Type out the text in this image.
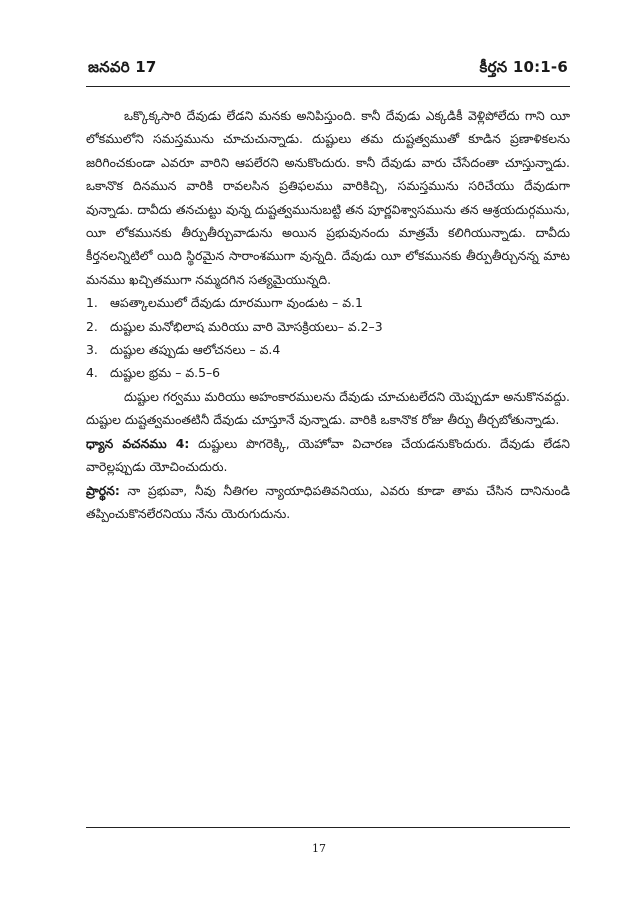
జనవరి 17	కీర్తన 10:1-6

ఒక్కొక్కసారి దేవుడు లేడని మనకు అనిపిస్తుంది. కానీ దేవుడు ఎక్కడికీ వెళ్లిపోలేదు గాని యీ లోకములోని సమస్తమును చూచుచున్నాడు. దుష్టులు తమ దుష్టత్వముతో కూడిన ప్రణాళికలను జరిగించకుండా ఎవరూ వారిని ఆపలేరని అనుకొందురు. కానీ దేవుడు వారు చేసేదంతా చూస్తున్నాడు. ఒకానొక దినమున వారికి రావలసిన ప్రతిఫలము వారికిచ్చి, సమస్తమును సరిచేయు దేవుడుగా వున్నాడు. దావీదు తనచుట్టు వున్న దుష్టత్వమునుబట్టి తన పూర్ణవిశ్వాసమును తన ఆశ్రయదుర్గమును, యీ లోకమునకు తీర్పుతీర్చువాడును అయిన ప్రభువునందు మాత్రమే కలిగియున్నాడు. దావీదు కీర్తనలన్నిటిలో యిది స్థిరమైన సారాంశముగా వున్నది. దేవుడు యీ లోకమునకు తీర్పుతీర్చునన్న మాట మనము ఖచ్చితముగా నమ్మదగిన సత్యమైయున్నది.

1. ఆపత్కాలములో దేవుడు దూరముగా వుండుట – వ.1
2. దుష్టుల మనోభిలాష మరియు వారి మోసక్రియలు– వ.2–3
3. దుష్టుల తప్పుడు ఆలోచనలు – వ.4
4. దుష్టుల భ్రమ – వ.5–6

దుష్టుల గర్వము మరియు అహంకారములను దేవుడు చూచుటలేదని యెప్పుడూ అనుకొనవద్దు. దుష్టుల దుష్టత్వమంతటినీ దేవుడు చూస్తూనే వున్నాడు. వారికి ఒకానొక రోజు తీర్పు తీర్చబోతున్నాడు.

ధ్యాన వచనము 4: దుష్టులు పొగరెక్కి, యెహోవా విచారణ చేయడనుకొందురు. దేవుడు లేడని వారెల్లప్పుడు యోచించుదురు.

ప్రార్థన: నా ప్రభువా, నీవు నీతిగల న్యాయాధిపతివనియు, ఎవరు కూడా తామ చేసిన దానినుండి తప్పించుకొనలేరనియు నేను యెరుగుదును.

17
